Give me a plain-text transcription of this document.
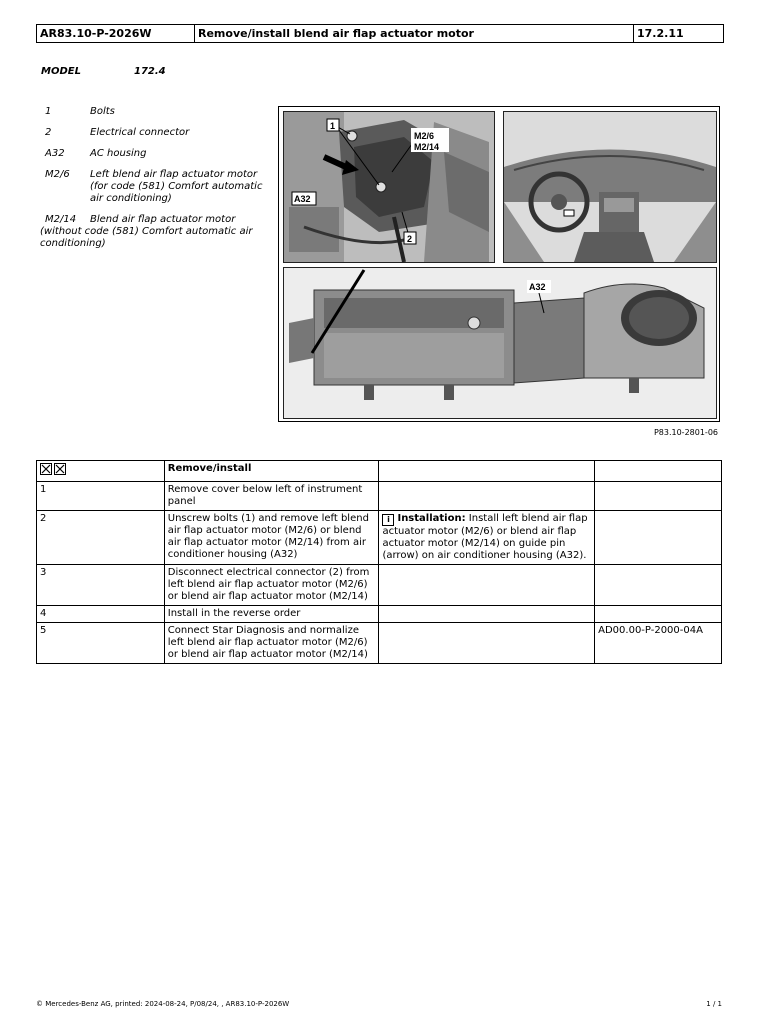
AR83.10-P-2026W	Remove/install blend air flap actuator motor	17.2.11
MODEL	172.4
1	Bolts
2	Electrical connector
A32	AC housing
M2/6	Left blend air flap actuator motor (for code (581) Comfort automatic air conditioning)
M2/14 Blend air flap actuator motor (without code (581) Comfort automatic air conditioning)
1
2
M2/6
M2/14
A32
A32
P83.10-2801-06
	Remove/install		
1	Remove cover below left of instrument panel		
2	Unscrew bolts (1) and remove left blend air flap actuator motor (M2/6) or blend air flap actuator motor (M2/14) from air conditioner housing (A32)	i Installation: Install left blend air flap actuator motor (M2/6) or blend air flap actuator motor (M2/14) on guide pin (arrow) on air conditioner housing (A32).	
3	Disconnect electrical connector (2) from left blend air flap actuator motor (M2/6) or blend air flap actuator motor (M2/14)		
4	Install in the reverse order		
5	Connect Star Diagnosis and normalize left blend air flap actuator motor (M2/6) or blend air flap actuator motor (M2/14)		AD00.00-P-2000-04A
© Mercedes-Benz AG, printed: 2024-08-24, P/08/24, , AR83.10-P-2026W	1 / 1
